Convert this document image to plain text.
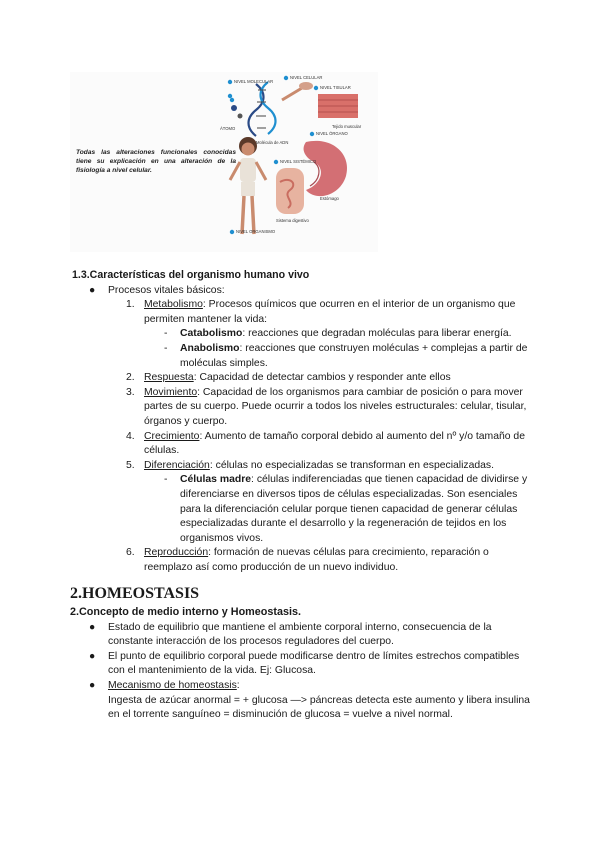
NIVEL MOLECULAR
NIVEL CELULAR
NIVEL TISULAR
NIVEL ÓRGANO
NIVEL SISTÉMICO
NIVEL ORGANISMO
Molécula de ADN
ÁTOMO
Estómago
Tejido muscular
Sistema digestivo
Todas las alteraciones funcionales conocidas tiene su explicación en una alteración de la fisiología a nivel celular.
1.3.Características del organismo humano vivo
● Procesos vitales básicos:
1. Metabolismo: Procesos químicos que ocurren en el interior de un organismo que permiten mantener la vida:
- Catabolismo: reacciones que degradan moléculas para liberar energía.
- Anabolismo: reacciones que construyen moléculas + complejas a partir de moléculas simples.
2. Respuesta: Capacidad de detectar cambios y responder ante ellos
3. Movimiento: Capacidad de los organismos para cambiar de posición o para mover partes de su cuerpo. Puede ocurrir a todos los niveles estructurales: celular, tisular, órganos y cuerpo.
4. Crecimiento: Aumento de tamaño corporal debido al aumento del nº y/o tamaño de células.
5. Diferenciación: células no especializadas se transforman en especializadas.
- Células madre: células indiferenciadas que tienen capacidad de dividirse y diferenciarse en diversos tipos de células especializadas. Son esenciales para la diferenciación celular porque tienen capacidad de generar células especializadas durante el desarrollo y la regeneración de tejidos en los organismos vivos.
6. Reproducción: formación de nuevas células para crecimiento, reparación o reemplazo así como producción de un nuevo individuo.
2.HOMEOSTASIS
2.Concepto de medio interno y Homeostasis.
● Estado de equilibrio que mantiene el ambiente corporal interno, consecuencia de la constante interacción de los procesos reguladores del cuerpo.
● El punto de equilibrio corporal puede modificarse dentro de límites estrechos compatibles con el mantenimiento de la vida. Ej: Glucosa.
● Mecanismo de homeostasis:
Ingesta de azúcar anormal = + glucosa —> páncreas detecta este aumento y libera insulina en el torrente sanguíneo = disminución de glucosa = vuelve a nivel normal.
